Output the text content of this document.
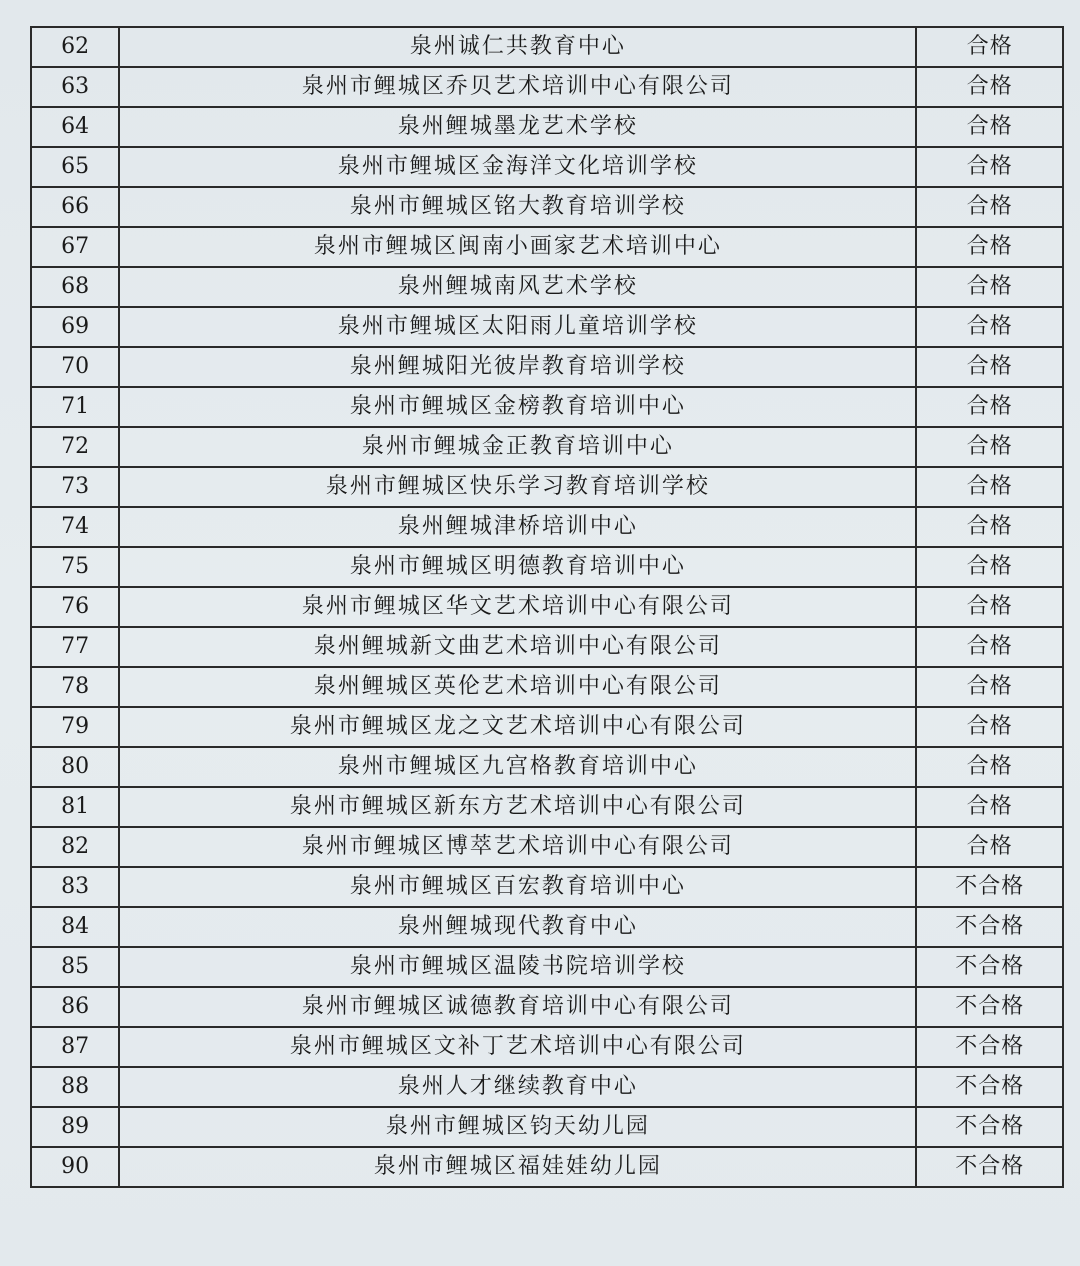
62	泉州诚仁共教育中心	合格
63	泉州市鲤城区乔贝艺术培训中心有限公司	合格
64	泉州鲤城墨龙艺术学校	合格
65	泉州市鲤城区金海洋文化培训学校	合格
66	泉州市鲤城区铭大教育培训学校	合格
67	泉州市鲤城区闽南小画家艺术培训中心	合格
68	泉州鲤城南风艺术学校	合格
69	泉州市鲤城区太阳雨儿童培训学校	合格
70	泉州鲤城阳光彼岸教育培训学校	合格
71	泉州市鲤城区金榜教育培训中心	合格
72	泉州市鲤城金正教育培训中心	合格
73	泉州市鲤城区快乐学习教育培训学校	合格
74	泉州鲤城津桥培训中心	合格
75	泉州市鲤城区明德教育培训中心	合格
76	泉州市鲤城区华文艺术培训中心有限公司	合格
77	泉州鲤城新文曲艺术培训中心有限公司	合格
78	泉州鲤城区英伦艺术培训中心有限公司	合格
79	泉州市鲤城区龙之文艺术培训中心有限公司	合格
80	泉州市鲤城区九宫格教育培训中心	合格
81	泉州市鲤城区新东方艺术培训中心有限公司	合格
82	泉州市鲤城区博萃艺术培训中心有限公司	合格
83	泉州市鲤城区百宏教育培训中心	不合格
84	泉州鲤城现代教育中心	不合格
85	泉州市鲤城区温陵书院培训学校	不合格
86	泉州市鲤城区诚德教育培训中心有限公司	不合格
87	泉州市鲤城区文补丁艺术培训中心有限公司	不合格
88	泉州人才继续教育中心	不合格
89	泉州市鲤城区钧天幼儿园	不合格
90	泉州市鲤城区福娃娃幼儿园	不合格
